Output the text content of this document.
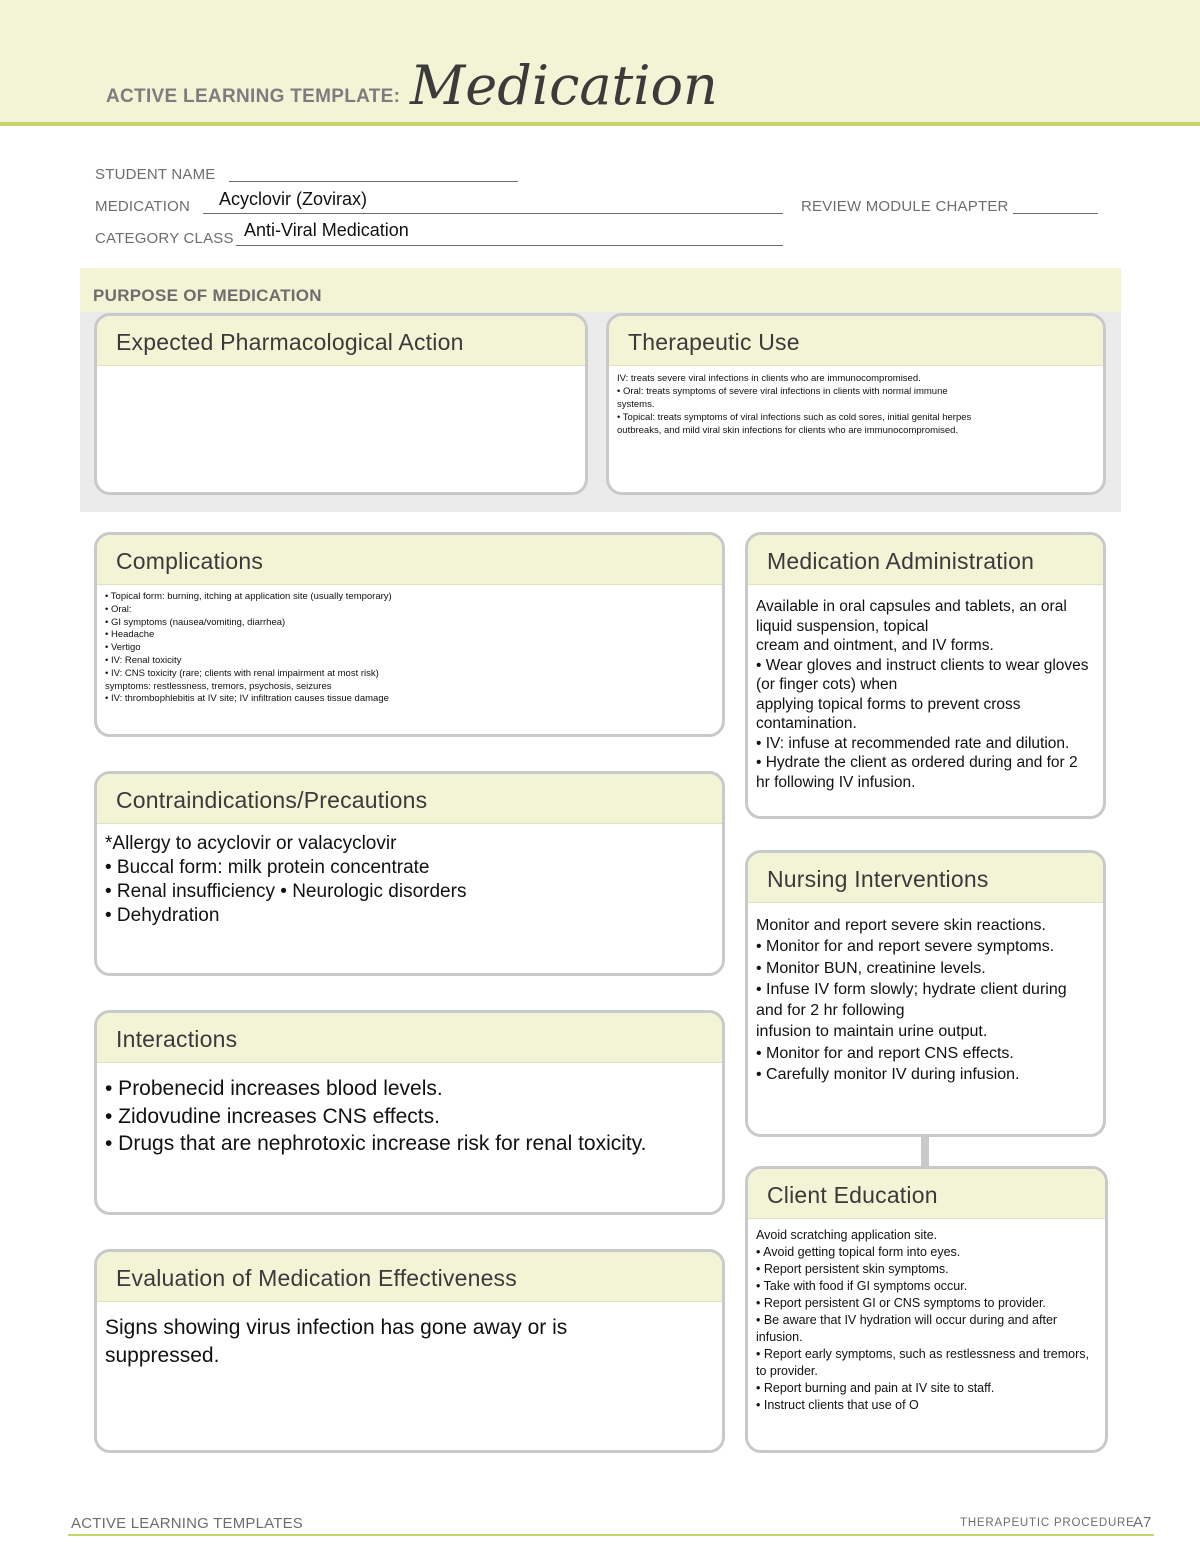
ACTIVE LEARNING TEMPLATE: Medication
STUDENT NAME
MEDICATION Acyclovir (Zovirax)	REVIEW MODULE CHAPTER
CATEGORY CLASS Anti-Viral Medication
PURPOSE OF MEDICATION
Expected Pharmacological Action	Therapeutic Use
IV: treats severe viral infections in clients who are immunocompromised.
• Oral: treats symptoms of severe viral infections in clients with normal immune systems.
• Topical: treats symptoms of viral infections such as cold sores, initial genital herpes outbreaks, and mild viral skin infections for clients who are immunocompromised.
Complications
• Topical form: burning, itching at application site (usually temporary)
• Oral:
• GI symptoms (nausea/vomiting, diarrhea)
• Headache
• Vertigo
• IV: Renal toxicity
• IV: CNS toxicity (rare; clients with renal impairment at most risk)
symptoms: restlessness, tremors, psychosis, seizures
• IV: thrombophlebitis at IV site; IV infiltration causes tissue damage
Medication Administration
Available in oral capsules and tablets, an oral liquid suspension, topical
cream and ointment, and IV forms.
• Wear gloves and instruct clients to wear gloves (or finger cots) when
applying topical forms to prevent cross contamination.
• IV: infuse at recommended rate and dilution.
• Hydrate the client as ordered during and for 2 hr following IV infusion.
Contraindications/Precautions
*Allergy to acyclovir or valacyclovir
• Buccal form: milk protein concentrate
• Renal insufficiency • Neurologic disorders
• Dehydration
Nursing Interventions
Monitor and report severe skin reactions.
• Monitor for and report severe symptoms.
• Monitor BUN, creatinine levels.
• Infuse IV form slowly; hydrate client during and for 2 hr following
infusion to maintain urine output.
• Monitor for and report CNS effects.
• Carefully monitor IV during infusion.
Interactions
• Probenecid increases blood levels.
• Zidovudine increases CNS effects.
• Drugs that are nephrotoxic increase risk for renal toxicity.
Client Education
Avoid scratching application site.
• Avoid getting topical form into eyes.
• Report persistent skin symptoms.
• Take with food if GI symptoms occur.
• Report persistent GI or CNS symptoms to provider.
• Be aware that IV hydration will occur during and after infusion.
• Report early symptoms, such as restlessness and tremors, to provider.
• Report burning and pain at IV site to staff.
• Instruct clients that use of O
Evaluation of Medication Effectiveness
Signs showing virus infection has gone away or is suppressed.
ACTIVE LEARNING TEMPLATES	THERAPEUTIC PROCEDURE
A7
